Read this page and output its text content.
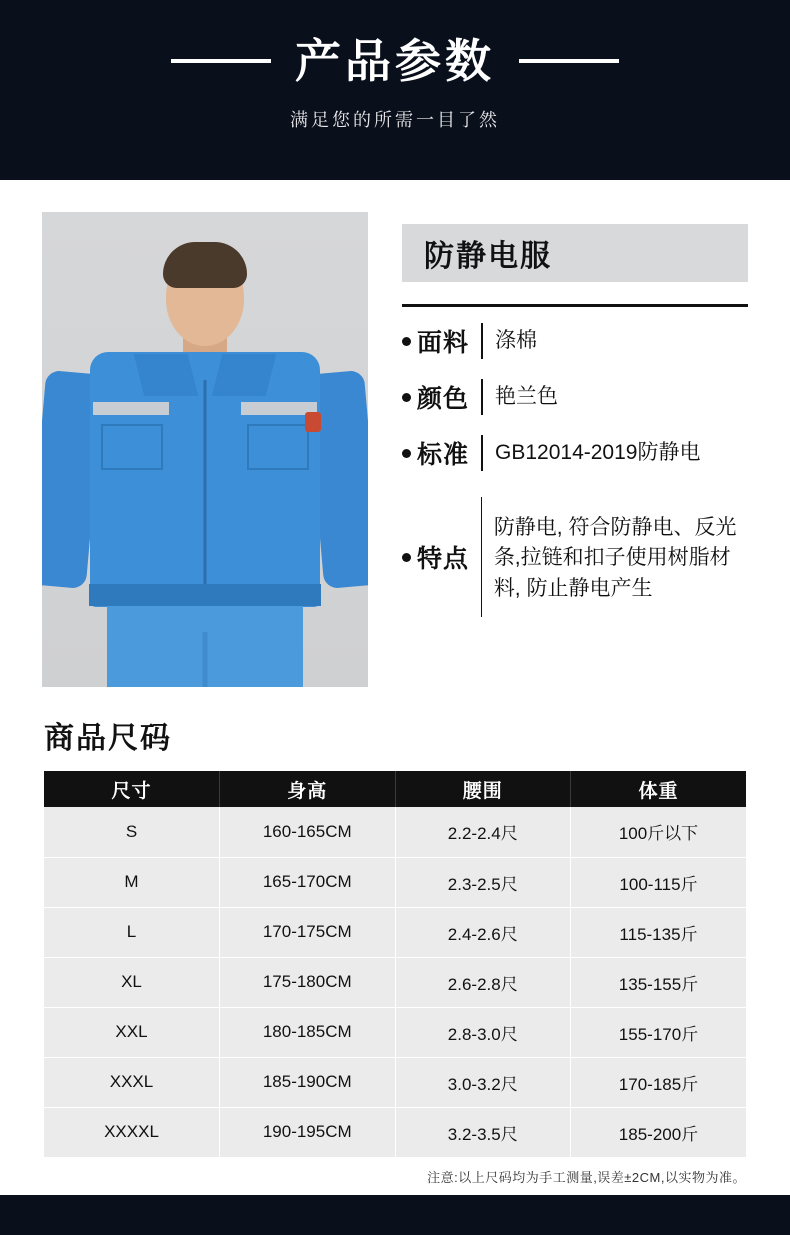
产品参数
满足您的所需一目了然
防静电服
面料 涤棉
颜色 艳兰色
标准 GB12014-2019防静电
特点
防静电, 符合防静电、反光条,拉链和扣子使用树脂材料, 防止静电产生
商品尺码
尺寸	身高	腰围	体重
S	160-165CM	2.2-2.4尺	100斤以下
M	165-170CM	2.3-2.5尺	100-115斤
L	170-175CM	2.4-2.6尺	115-135斤
XL	175-180CM	2.6-2.8尺	135-155斤
XXL	180-185CM	2.8-3.0尺	155-170斤
XXXL	185-190CM	3.0-3.2尺	170-185斤
XXXXL	190-195CM	3.2-3.5尺	185-200斤
注意:以上尺码均为手工测量,误差±2CM,以实物为准。
